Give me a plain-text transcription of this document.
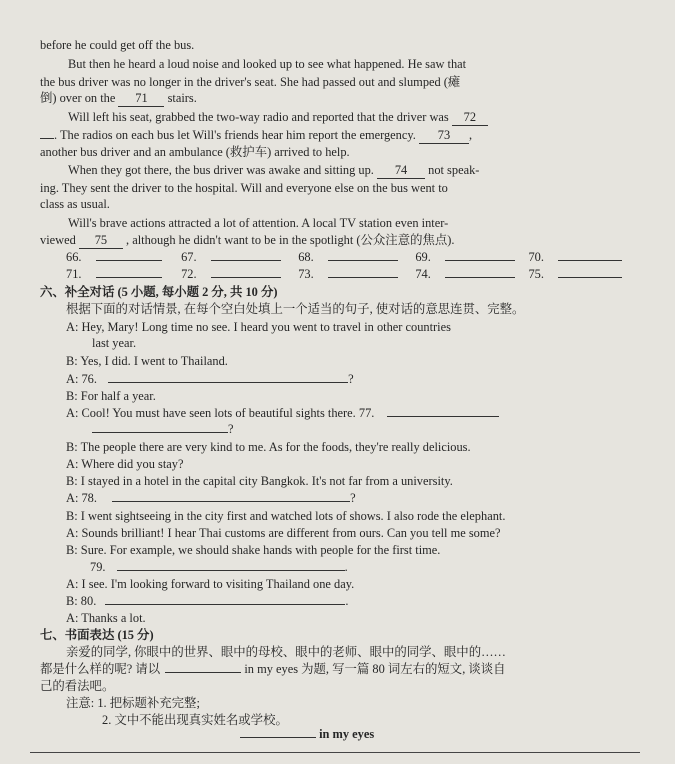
before he could get off the bus.
But then he heard a loud noise and looked up to see what happened. He saw that
the bus driver was no longer in the driver's seat. She had passed out and slumped (瘫
倒) over on the 71 stairs.
Will left his seat, grabbed the two-way radio and reported that the driver was 72
. The radios on each bus let Will's friends hear him report the emergency. 73 ,
another bus driver and an ambulance (救护车) arrived to help.
When they got there, the bus driver was awake and sitting up. 74 not speak-
ing. They sent the driver to the hospital. Will and everyone else on the bus went to
class as usual.
Will's brave actions attracted a lot of attention. A local TV station even inter-
viewed 75 , although he didn't want to be in the spotlight (公众注意的焦点).
66.	67.	68.	69.	70.
71.	72.	73.	74.	75.
六、补全对话 (5 小题, 每小题 2 分, 共 10 分)
根据下面的对话情景, 在每个空白处填上一个适当的句子, 使对话的意思连贯、完整。
A: Hey, Mary! Long time no see. I heard you went to travel in other countries
last year.
B: Yes, I did. I went to Thailand.
A: 76.	?
B: For half a year.
A: Cool! You must have seen lots of beautiful sights there. 77.
?
B: The people there are very kind to me. As for the foods, they're really delicious.
A: Where did you stay?
B: I stayed in a hotel in the capital city Bangkok. It's not far from a university.
A: 78.	?
B: I went sightseeing in the city first and watched lots of shows. I also rode the elephant.
A: Sounds brilliant! I hear Thai customs are different from ours. Can you tell me some?
B: Sure. For example, we should shake hands with people for the first time.
79.	.
A: I see. I'm looking forward to visiting Thailand one day.
B: 80.	.
A: Thanks a lot.
七、书面表达 (15 分)
亲爱的同学, 你眼中的世界、眼中的母校、眼中的老师、眼中的同学、眼中的……
都是什么样的呢? 请以	in my eyes 为题, 写一篇 80 词左右的短文, 谈谈自
己的看法吧。
注意: 1. 把标题补充完整;
2. 文中不能出现真实姓名或学校。
in my eyes
